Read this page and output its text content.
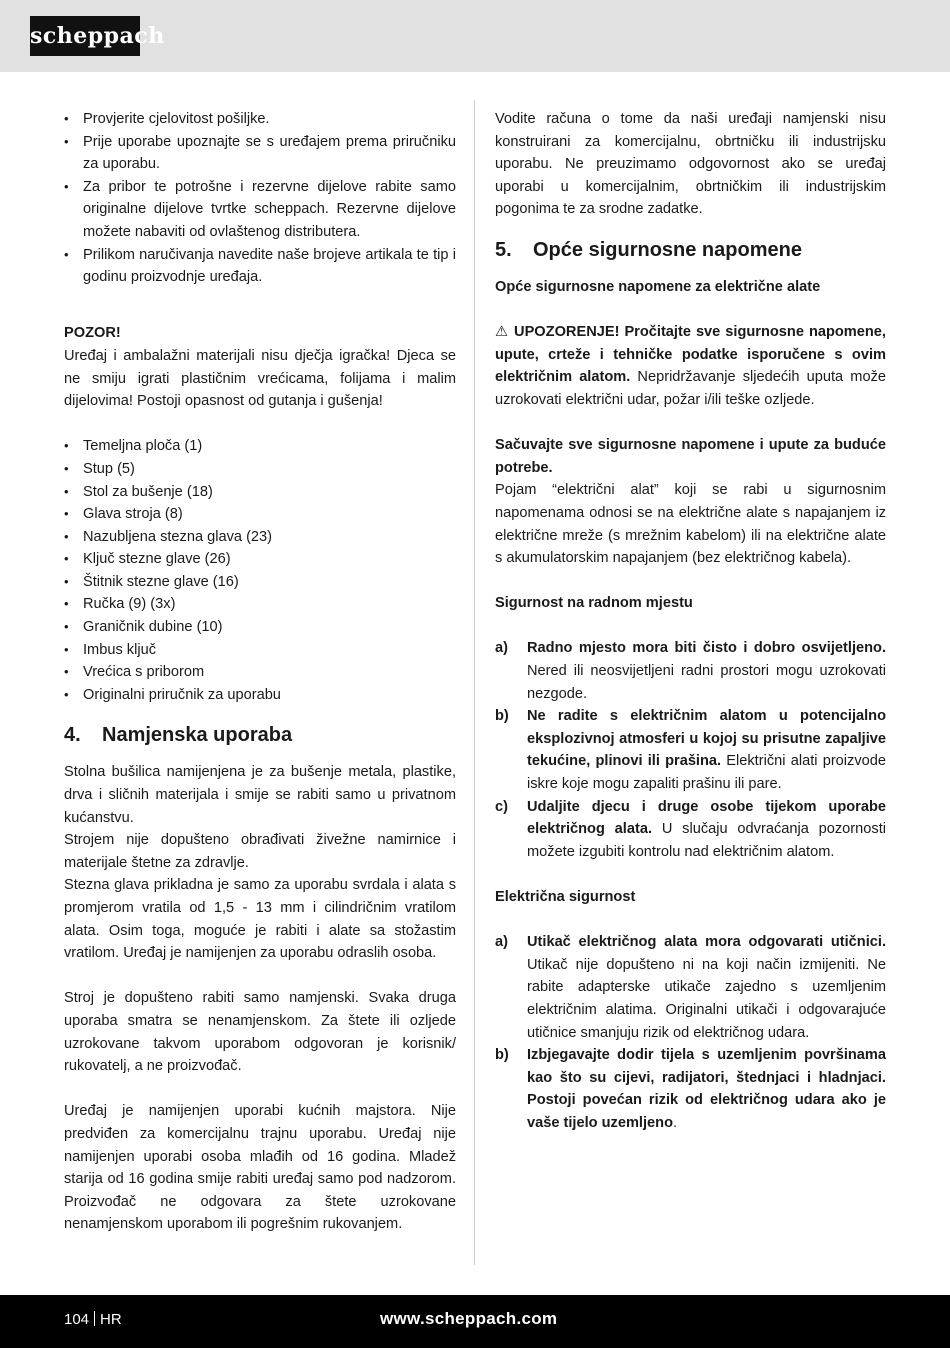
scheppach
• Provjerite cjelovitost pošiljke.
• Prije uporabe upoznajte se s uređajem prema priručniku za uporabu.
• Za pribor te potrošne i rezervne dijelove rabite samo originalne dijelove tvrtke scheppach. Rezervne dijelove možete nabaviti od ovlaštenog distributera.
• Prilikom naručivanja navedite naše brojeve artikala te tip i godinu proizvodnje uređaja.

POZOR!

Uređaj i ambalažni materijali nisu dječja igračka! Djeca se ne smiju igrati plastičnim vrećicama, folijama i malim dijelovima! Postoji opasnost od gutanja i gušenja!

• Temeljna ploča (1)
• Stup (5)
• Stol za bušenje (18)
• Glava stroja (8)
• Nazubljena stezna glava (23)
• Ključ stezne glave (26)
• Štitnik stezne glave (16)
• Ručka (9) (3x)
• Graničnik dubine (10)
• Imbus ključ
• Vrećica s priborom
• Originalni priručnik za uporabu
4. Namjenska uporaba

Stolna bušilica namijenjena je za bušenje metala, plastike, drva i sličnih materijala i smije se rabiti samo u privatnom kućanstvu.

Strojem nije dopušteno obrađivati živežne namirnice i materijale štetne za zdravlje.

Stezna glava prikladna je samo za uporabu svrdala i alata s promjerom vratila od 1,5 - 13 mm i cilindričnim vratilom alata. Osim toga, moguće je rabiti i alate sa stožastim vratilom. Uređaj je namijenjen za uporabu odraslih osoba.

Stroj je dopušteno rabiti samo namjenski. Svaka druga uporaba smatra se nenamjenskom. Za štete ili ozljede uzrokovane takvom uporabom odgovoran je korisnik/ rukovatelj, a ne proizvođač.

Uređaj je namijenjen uporabi kućnih majstora. Nije predviđen za komercijalnu trajnu uporabu. Uređaj nije namijenjen uporabi osoba mlađih od 16 godina. Mladež starija od 16 godina smije rabiti uređaj samo pod nadzorom. Proizvođač ne odgovara za štete uzrokovane nenamjenskom uporabom ili pogrešnim rukovanjem.

Vodite računa o tome da naši uređaji namjenski nisu konstruirani za komercijalnu, obrtničku ili industrijsku uporabu. Ne preuzimamo odgovornost ako se uređaj uporabi u komercijalnim, obrtničkim ili industrijskim pogonima te za srodne zadatke.

5. Opće sigurnosne napomene

Opće sigurnosne napomene za električne alate

⚠ UPOZORENJE! Pročitajte sve sigurnosne napomene, upute, crteže i tehničke podatke isporučene s ovim električnim alatom. Nepridržavanje sljedećih uputa može uzrokovati električni udar, požar i/ili teške ozljede.

Sačuvajte sve sigurnosne napomene i upute za buduće potrebe.

Pojam “električni alat” koji se rabi u sigurnosnim napomenama odnosi se na električne alate s napajanjem iz električne mreže (s mrežnim kabelom) ili na električne alate s akumulatorskim napajanjem (bez električnog kabela).

Sigurnost na radnom mjestu

a) Radno mjesto mora biti čisto i dobro osvijetljeno. Nered ili neosvijetljeni radni prostori mogu uzrokovati nezgode.
b) Ne radite s električnim alatom u potencijalno eksplozivnoj atmosferi u kojoj su prisutne zapaljive tekućine, plinovi ili prašina. Električni alati proizvode iskre koje mogu zapaliti prašinu ili pare.
c) Udaljite djecu i druge osobe tijekom uporabe električnog alata. U slučaju odvraćanja pozornosti možete izgubiti kontrolu nad električnim alatom.

Električna sigurnost

a) Utikač električnog alata mora odgovarati utičnici. Utikač nije dopušteno ni na koji način izmijeniti. Ne rabite adapterske utikače zajedno s uzemljenim električnim alatima. Originalni utikači i odgovarajuće utičnice smanjuju rizik od električnog udara.
b) Izbjegavajte dodir tijela s uzemljenim površinama kao što su cijevi, radijatori, štednjaci i hladnjaci. Postoji povećan rizik od električnog udara ako je vaše tijelo uzemljeno.
104 HR	www.scheppach.com
